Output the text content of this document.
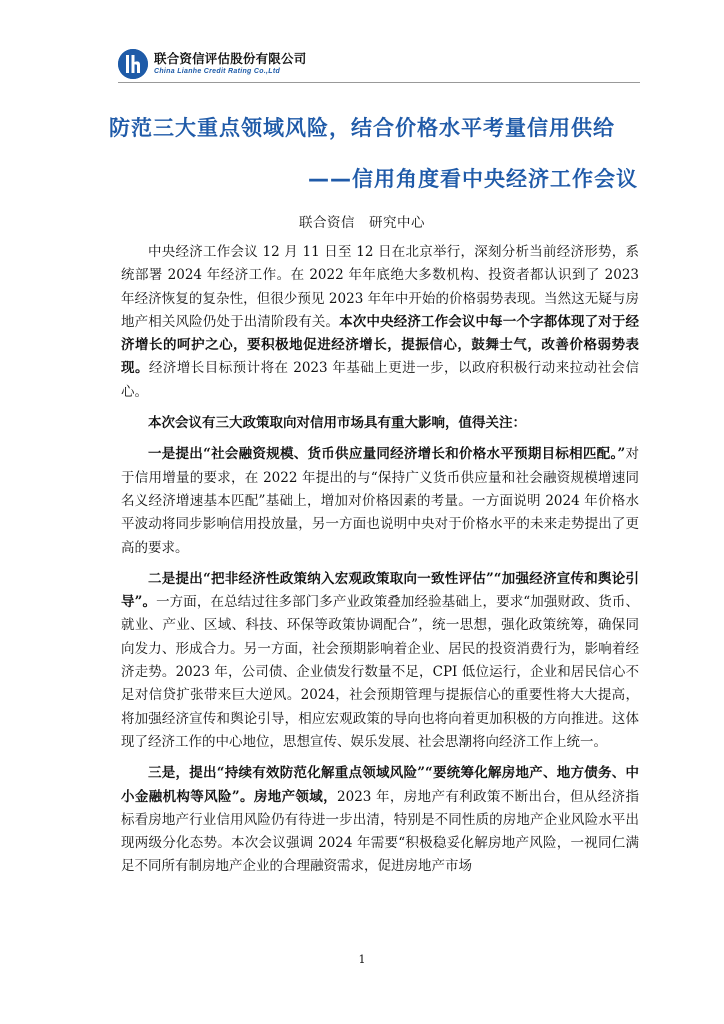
联合资信评估股份有限公司
China Lianhe Credit Rating Co.,Ltd
防范三大重点领域风险，结合价格水平考量信用供给
——信用角度看中央经济工作会议
联合资信　研究中心

中央经济工作会议 12 月 11 日至 12 日在北京举行，深刻分析当前经济形势，系统部署 2024 年经济工作。在 2022 年年底绝大多数机构、投资者都认识到了 2023 年经济恢复的复杂性，但很少预见 2023 年年中开始的价格弱势表现。当然这无疑与房地产相关风险仍处于出清阶段有关。本次中央经济工作会议中每一个字都体现了对于经济增长的呵护之心，要积极地促进经济增长，提振信心，鼓舞士气，改善价格弱势表现。经济增长目标预计将在 2023 年基础上更进一步，以政府积极行动来拉动社会信心。

本次会议有三大政策取向对信用市场具有重大影响，值得关注：

一是提出“社会融资规模、货币供应量同经济增长和价格水平预期目标相匹配。”对于信用增量的要求，在 2022 年提出的与“保持广义货币供应量和社会融资规模增速同名义经济增速基本匹配”基础上，增加对价格因素的考量。一方面说明 2024 年价格水平波动将同步影响信用投放量，另一方面也说明中央对于价格水平的未来走势提出了更高的要求。

二是提出“把非经济性政策纳入宏观政策取向一致性评估”“加强经济宣传和舆论引导”。一方面，在总结过往多部门多产业政策叠加经验基础上，要求“加强财政、货币、就业、产业、区域、科技、环保等政策协调配合”，统一思想，强化政策统筹，确保同向发力、形成合力。另一方面，社会预期影响着企业、居民的投资消费行为，影响着经济走势。2023 年，公司债、企业债发行数量不足，CPI 低位运行，企业和居民信心不足对信贷扩张带来巨大逆风。2024，社会预期管理与提振信心的重要性将大大提高，将加强经济宣传和舆论引导，相应宏观政策的导向也将向着更加积极的方向推进。这体现了经济工作的中心地位，思想宣传、娱乐发展、社会思潮将向经济工作上统一。

三是，提出“持续有效防范化解重点领域风险”“要统筹化解房地产、地方债务、中小金融机构等风险”。房地产领域，2023 年，房地产有利政策不断出台，但从经济指标看房地产行业信用风险仍有待进一步出清，特别是不同性质的房地产企业风险水平出现两级分化态势。本次会议强调 2024 年需要“积极稳妥化解房地产风险，一视同仁满足不同所有制房地产企业的合理融资需求，促进房地产市场

1
